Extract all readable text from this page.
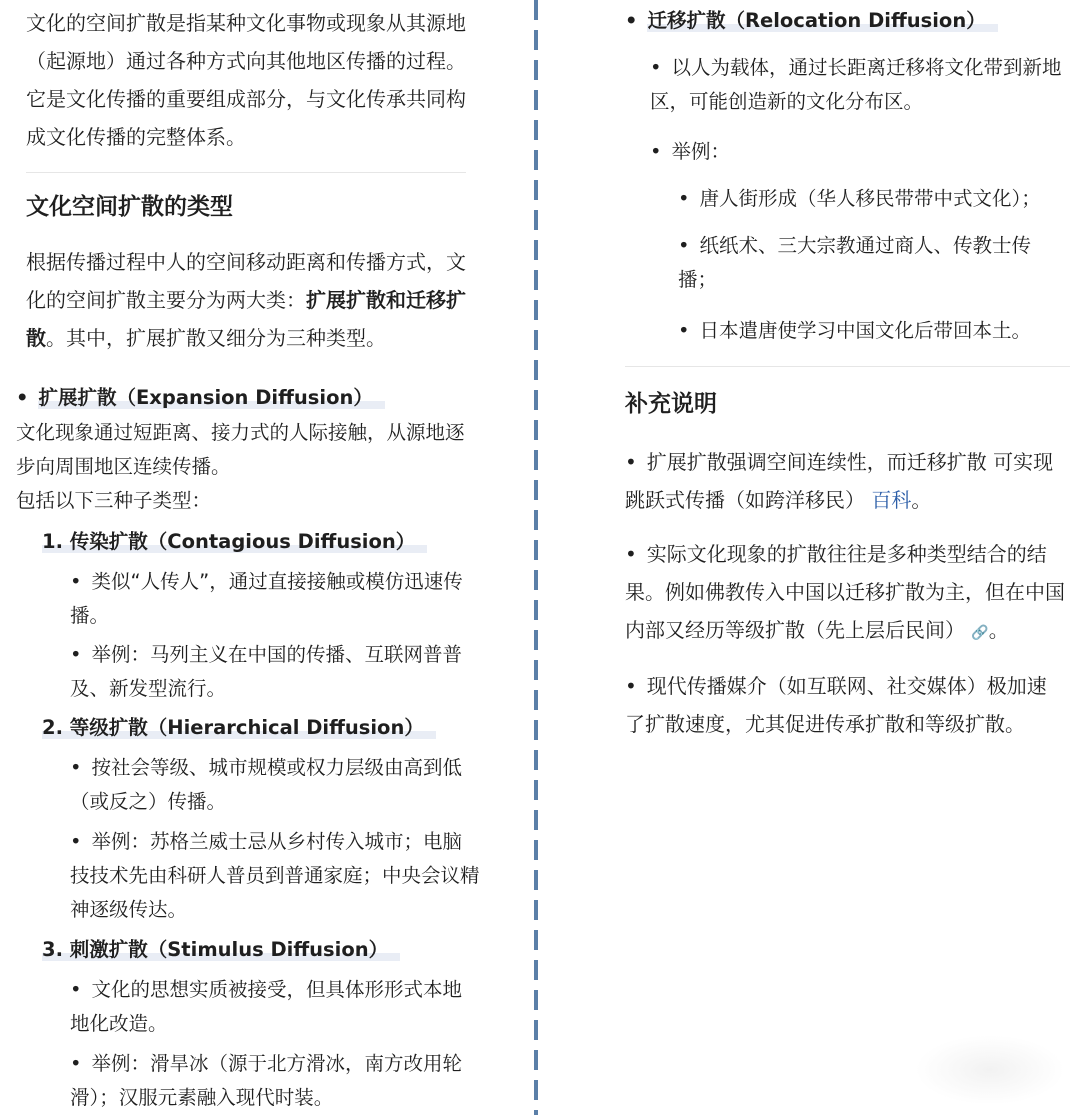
文化的空间扩散是指某种文化事物或现象从其源地（起源地）通过各种方式向其他地区传播的过程。它是文化传播的重要组成部分，与文化传承共同构成文化传播的完整体系。

文化空间扩散的类型

根据传播过程中人的空间移动距离和传播方式，文化的空间扩散主要分为两大类：扩展扩散和迁移扩散。其中，扩展扩散又细分为三种类型。

• 扩展扩散（Expansion Diffusion）

文化现象通过短距离、接力式的人际接触，从源地逐步向周围地区连续传播。

包括以下三种子类型：

1. 传染扩散（Contagious Diffusion）

• 类似“人传人”，通过直接接触或模仿迅速传播。

• 举例：马列主义在中国的传播、互联网普普及、新发型流行。

2. 等级扩散（Hierarchical Diffusion）

• 按社会等级、城市规模或权力层级由高到低（或反之）传播。

• 举例：苏格兰威士忌从乡村传入城市；电脑技技术先由科研人普员到普通家庭；中央会议精神逐级传达。

3. 刺激扩散（Stimulus Diffusion）

• 文化的思想实质被接受，但具体形形式本地地化改造。

• 举例：滑旱冰（源于北方滑冰，南方改用轮滑）；汉服元素融入现代时装。

• 迁移扩散（Relocation Diffusion）

• 以人为载体，通过长距离迁移将文化带到新地区，可能创造新的文化分布区。

• 举例：

• 唐人街形成（华人移民带带中式文化）；

• 纸纸术、三大宗教通过商人、传教士传播；

• 日本遣唐使学习中国文化后带回本土。

补充说明

• 扩展扩散强调空间连续性，而迁移扩散 可实现跳跃式传播（如跨洋移民） 百科。

• 实际文化现象的扩散往往是多种类型结合的结果。例如佛教传入中国以迁移扩散为主，但在中国内部又经历等级扩散（先上层后民间） 🔗。

• 现代传播媒介（如互联网、社交媒体）极加速了扩散速度，尤其促进传承扩散和等级扩散。
